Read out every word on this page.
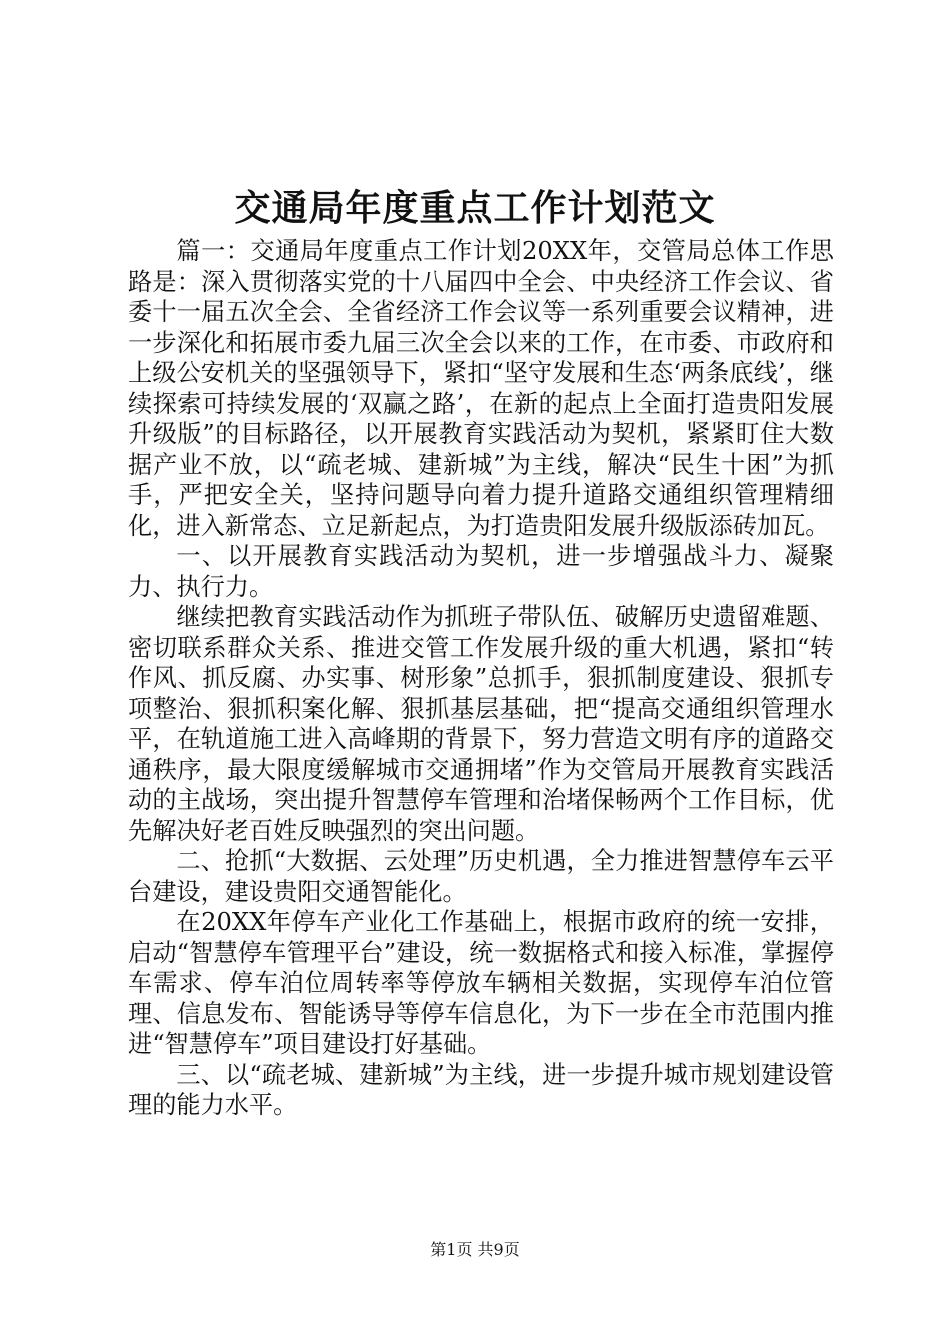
交通局年度重点工作计划范文

篇一：交通局年度重点工作计划20XX年，交管局总体工作思路是：深入贯彻落实党的十八届四中全会、中央经济工作会议、省委十一届五次全会、全省经济工作会议等一系列重要会议精神，进一步深化和拓展市委九届三次全会以来的工作，在市委、市政府和上级公安机关的坚强领导下，紧扣“坚守发展和生态‘两条底线’，继续探索可持续发展的‘双赢之路’，在新的起点上全面打造贵阳发展升级版”的目标路径，以开展教育实践活动为契机，紧紧盯住大数据产业不放，以“疏老城、建新城”为主线，解决“民生十困”为抓手，严把安全关，坚持问题导向着力提升道路交通组织管理精细化，进入新常态、立足新起点，为打造贵阳发展升级版添砖加瓦。

一、以开展教育实践活动为契机，进一步增强战斗力、凝聚力、执行力。

继续把教育实践活动作为抓班子带队伍、破解历史遗留难题、密切联系群众关系、推进交管工作发展升级的重大机遇，紧扣“转作风、抓反腐、办实事、树形象”总抓手，狠抓制度建设、狠抓专项整治、狠抓积案化解、狠抓基层基础，把“提高交通组织管理水平，在轨道施工进入高峰期的背景下，努力营造文明有序的道路交通秩序，最大限度缓解城市交通拥堵”作为交管局开展教育实践活动的主战场，突出提升智慧停车管理和治堵保畅两个工作目标，优先解决好老百姓反映强烈的突出问题。

二、抢抓“大数据、云处理”历史机遇，全力推进智慧停车云平台建设，建设贵阳交通智能化。

在20XX年停车产业化工作基础上，根据市政府的统一安排，启动“智慧停车管理平台”建设，统一数据格式和接入标准，掌握停车需求、停车泊位周转率等停放车辆相关数据，实现停车泊位管理、信息发布、智能诱导等停车信息化，为下一步在全市范围内推进“智慧停车”项目建设打好基础。

三、以“疏老城、建新城”为主线，进一步提升城市规划建设管理的能力水平。

第1页 共9页
